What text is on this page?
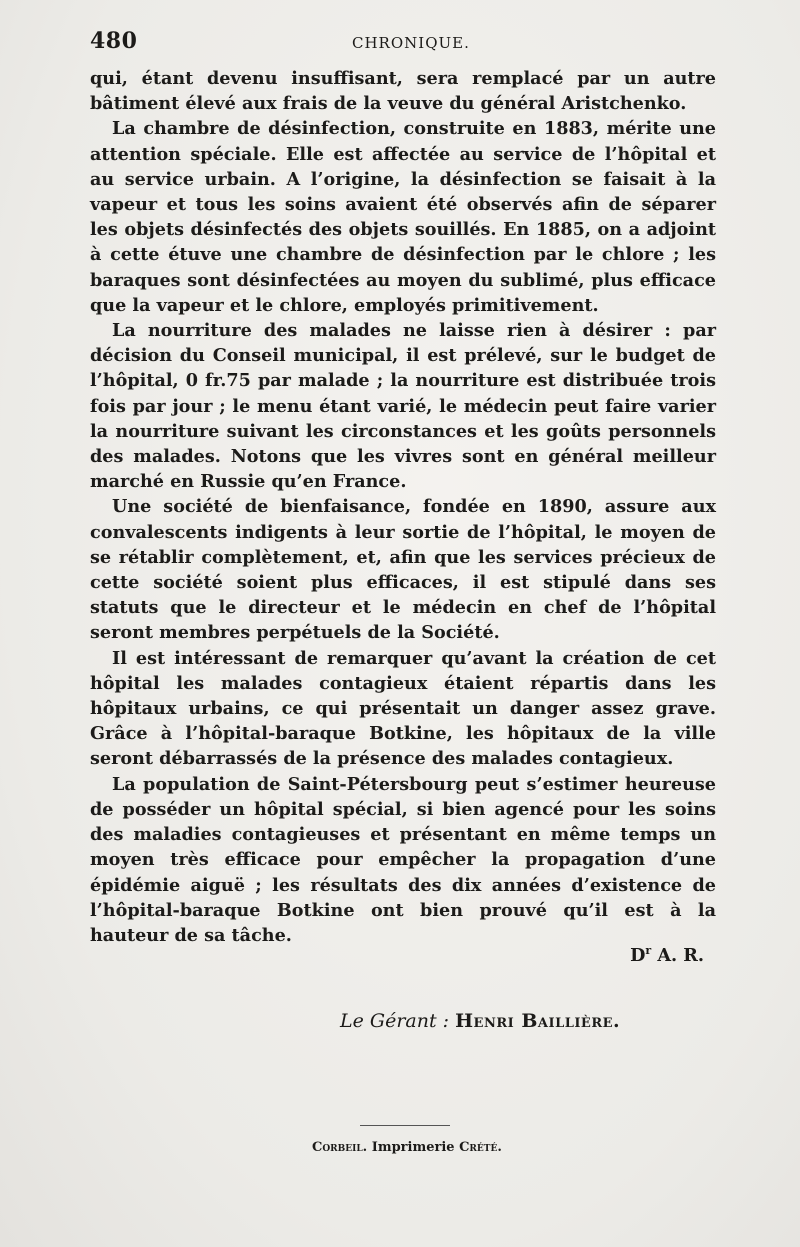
480	CHRONIQUE.

qui, étant devenu insuffisant, sera remplacé par un autre bâtiment élevé aux frais de la veuve du général Aristchenko.

La chambre de désinfection, construite en 1883, mérite une attention spéciale. Elle est affectée au service de l’hôpital et au service urbain. A l’origine, la désinfection se faisait à la vapeur et tous les soins avaient été observés afin de séparer les objets désinfectés des objets souillés. En 1885, on a adjoint à cette étuve une chambre de désinfection par le chlore ; les baraques sont désinfectées au moyen du sublimé, plus efficace que la vapeur et le chlore, employés primitivement.

La nourriture des malades ne laisse rien à désirer : par décision du Conseil municipal, il est prélevé, sur le budget de l’hôpital, 0 fr.75 par malade ; la nourriture est distribuée trois fois par jour ; le menu étant varié, le médecin peut faire varier la nourriture suivant les circonstances et les goûts personnels des malades. Notons que les vivres sont en général meilleur marché en Russie qu’en France.

Une société de bienfaisance, fondée en 1890, assure aux convalescents indigents à leur sortie de l’hôpital, le moyen de se rétablir complètement, et, afin que les services précieux de cette société soient plus efficaces, il est stipulé dans ses statuts que le directeur et le médecin en chef de l’hôpital seront membres perpétuels de la Société.

Il est intéressant de remarquer qu’avant la création de cet hôpital les malades contagieux étaient répartis dans les hôpitaux urbains, ce qui présentait un danger assez grave. Grâce à l’hôpital-baraque Botkine, les hôpitaux de la ville seront débarrassés de la présence des malades contagieux.

La population de Saint-Pétersbourg peut s’estimer heureuse de posséder un hôpital spécial, si bien agencé pour les soins des maladies contagieuses et présentant en même temps un moyen très efficace pour empêcher la propagation d’une épidémie aiguë ; les résultats des dix années d’existence de l’hôpital-baraque Botkine ont bien prouvé qu’il est à la hauteur de sa tâche.

$D^r$ A. R.
Le Gérant : Henri Baillière.
Corbeil. Imprimerie Crété.
